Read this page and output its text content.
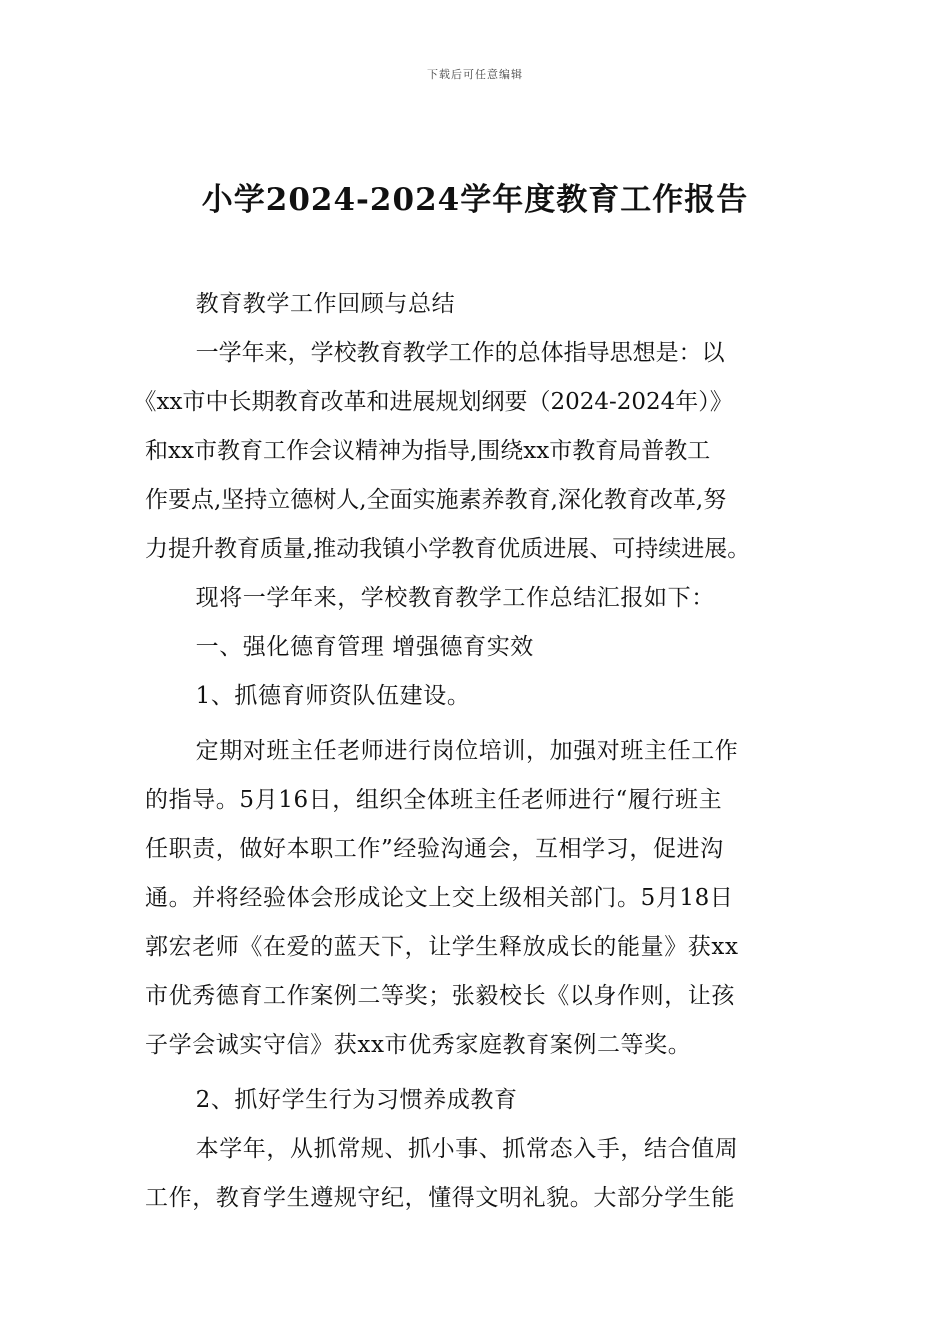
下载后可任意编辑
小学2024-2024学年度教育工作报告

教育教学工作回顾与总结

一学年来，学校教育教学工作的总体指导思想是：以
《xx市中长期教育改革和进展规划纲要（2024-2024年）》
和xx市教育工作会议精神为指导,围绕xx市教育局普教工
作要点,坚持立德树人,全面实施素养教育,深化教育改革,努
力提升教育质量,推动我镇小学教育优质进展、可持续进展。

现将一学年来，学校教育教学工作总结汇报如下：

一、强化德育管理 增强德育实效

1、抓德育师资队伍建设。

定期对班主任老师进行岗位培训，加强对班主任工作
的指导。5月16日，组织全体班主任老师进行“履行班主
任职责，做好本职工作”经验沟通会，互相学习，促进沟
通。并将经验体会形成论文上交上级相关部门。5月18日
郭宏老师《在爱的蓝天下，让学生释放成长的能量》获xx
市优秀德育工作案例二等奖；张毅校长《以身作则，让孩
子学会诚实守信》获xx市优秀家庭教育案例二等奖。

2、抓好学生行为习惯养成教育

本学年，从抓常规、抓小事、抓常态入手，结合值周
工作，教育学生遵规守纪，懂得文明礼貌。大部分学生能
